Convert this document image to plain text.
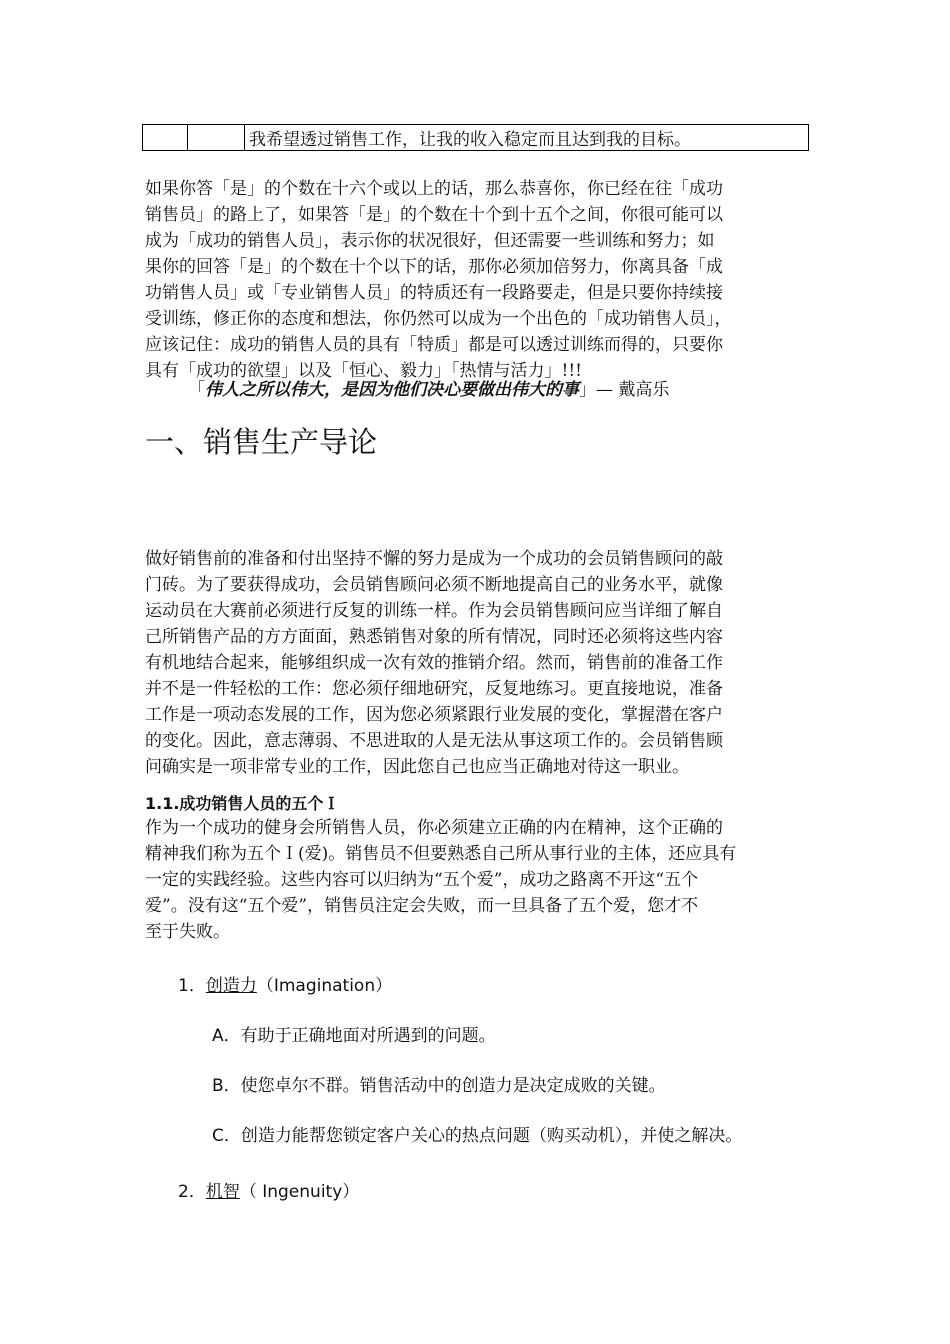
		我希望透过销售工作，让我的收入稳定而且达到我的目标。
如果你答「是」的个数在十六个或以上的话，那么恭喜你，你已经在往「成功
销售员」的路上了，如果答「是」的个数在十个到十五个之间，你很可能可以
成为「成功的销售人员」，表示你的状况很好，但还需要一些训练和努力；如
果你的回答「是」的个数在十个以下的话，那你必须加倍努力，你离具备「成
功销售人员」或「专业销售人员」的特质还有一段路要走，但是只要你持续接
受训练，修正你的态度和想法，你仍然可以成为一个出色的「成功销售人员」，
应该记住：成功的销售人员的具有「特质」都是可以透过训练而得的，只要你
具有「成功的欲望」以及「恒心、毅力」「热情与活力」!!!

「伟人之所以伟大，是因为他们决心要做出伟大的事」— 戴高乐

一、销售生产导论
做好销售前的准备和付出坚持不懈的努力是成为一个成功的会员销售顾问的敲
门砖。为了要获得成功，会员销售顾问必须不断地提高自己的业务水平，就像
运动员在大赛前必须进行反复的训练一样。作为会员销售顾问应当详细了解自
己所销售产品的方方面面，熟悉销售对象的所有情况，同时还必须将这些内容
有机地结合起来，能够组织成一次有效的推销介绍。然而，销售前的准备工作
并不是一件轻松的工作：您必须仔细地研究，反复地练习。更直接地说，准备
工作是一项动态发展的工作，因为您必须紧跟行业发展的变化，掌握潜在客户
的变化。因此，意志薄弱、不思进取的人是无法从事这项工作的。会员销售顾
问确实是一项非常专业的工作，因此您自己也应当正确地对待这一职业。
1.1.成功销售人员的五个Ｉ
作为一个成功的健身会所销售人员，你必须建立正确的内在精神，这个正确的
精神我们称为五个Ｉ(爱)。销售员不但要熟悉自己所从事行业的主体，还应具有
一定的实践经验。这些内容可以归纳为“五个爱”，成功之路离不开这“五个
爱”。没有这“五个爱”，销售员注定会失败，而一旦具备了五个爱，您才不
至于失败。

1．创造力（Imagination）

A．有助于正确地面对所遇到的问题。

B．使您卓尔不群。销售活动中的创造力是决定成败的关键。

C．创造力能帮您锁定客户关心的热点问题（购买动机），并使之解决。

2．机智（ Ingenuity）
